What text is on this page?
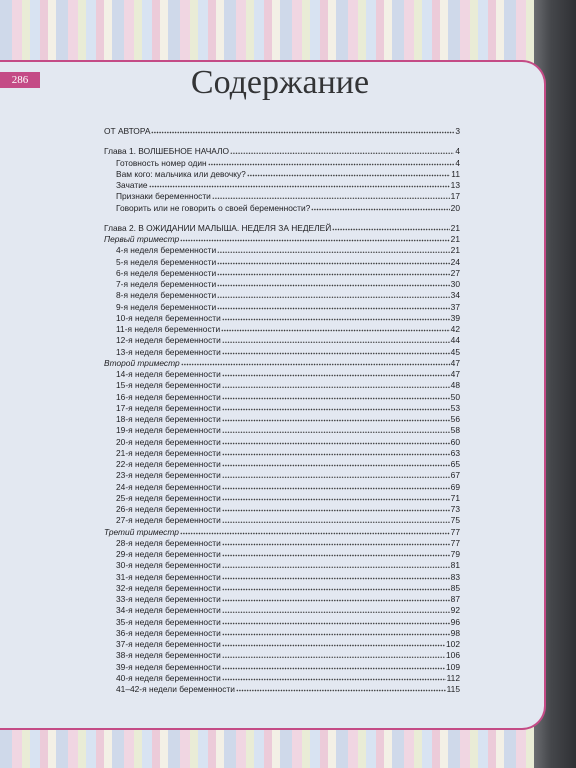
286	Содержание
ОТ АВТОРА	3
Глава 1. ВОЛШЕБНОЕ НАЧАЛО	4
Готовность номер один	4
Вам кого: мальчика или девочку?	11
Зачатие	13
Признаки беременности	17
Говорить или не говорить о своей беременности?	20
Глава 2. В ОЖИДАНИИ МАЛЫША. НЕДЕЛЯ ЗА НЕДЕЛЕЙ	21
Первый триместр	21
4-я неделя беременности	21
5-я неделя беременности	24
6-я неделя беременности	27
7-я неделя беременности	30
8-я неделя беременности	34
9-я неделя беременности	37
10-я неделя беременности	39
11-я неделя беременности	42
12-я неделя беременности	44
13-я неделя беременности	45
Второй триместр	47
14-я неделя беременности	47
15-я неделя беременности	48
16-я неделя беременности	50
17-я неделя беременности	53
18-я неделя беременности	56
19-я неделя беременности	58
20-я неделя беременности	60
21-я неделя беременности	63
22-я неделя беременности	65
23-я неделя беременности	67
24-я неделя беременности	69
25-я неделя беременности	71
26-я неделя беременности	73
27-я неделя беременности	75
Третий триместр	77
28-я неделя беременности	77
29-я неделя беременности	79
30-я неделя беременности	81
31-я неделя беременности	83
32-я неделя беременности	85
33-я неделя беременности	87
34-я неделя беременности	92
35-я неделя беременности	96
36-я неделя беременности	98
37-я неделя беременности	102
38-я неделя беременности	106
39-я неделя беременности	109
40-я неделя беременности	112
41–42-я недели беременности	115
